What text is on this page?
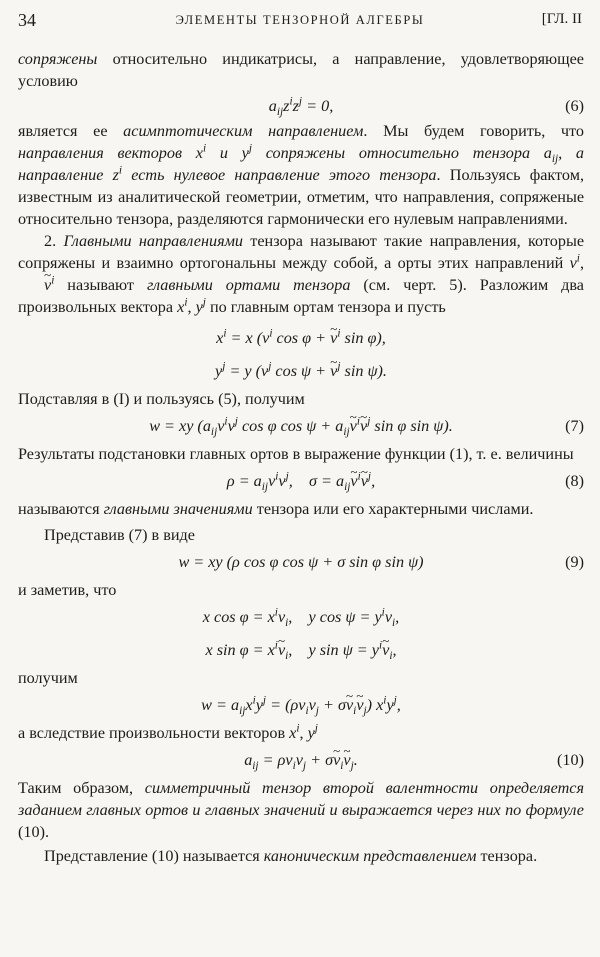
34	ЭЛЕМЕНТЫ ТЕНЗОРНОЙ АЛГЕБРЫ	[ГЛ. II

сопряжены относительно индикатрисы, а направление, удовлетворяющее условию

$a_{ij}z^iz^j = 0$,	(6)

является ее асимптотическим направлением. Мы будем говорить, что направления векторов $x^i$ и $y^j$ сопряжены относительно тензора $a_{ij}$, а направление $z^i$ есть нулевое направление этого тензора. Пользуясь фактом, известным из аналитической геометрии, отметим, что направления, сопряженые относительно тензора, разделяются гармонически его нулевым направлениями.

2. Главными направлениями тензора называют такие направления, которые сопряжены и взаимно ортогональны между собой, а орты этих направлений $v^i$, ~ $v^i$ называют главными ортами тензора (см. черт. 5). Разложим два произвольных вектора $x^i$, $y^j$ по главным ортам тензора и пусть

$x^i = x$ ($v^i$ cos φ + ~ $v^i$ sin φ),
$y^j = y$ ($v^j$ cos ψ + ~ $v^j$ sin ψ).

Подставляя в (I) и пользуясь (5), получим

w = xy ($a_{ij}v^iv^j$ cos φ $\cos \psi + a_{ij}\sim$ $v^i\sim$ $v^j$ sin φ sin ψ).	(7)

Результаты подстановки главных ортов в выражение функции (1), т. е. величины

$\rho = a_{ij}v^iv^j$,    $\sigma = a_{ij}\sim$ $v^i\sim$ $v^j$,	(8)

называются главными значениями тензора или его характерными числами.

Представив (7) в виде

w = xy (ρ cos φ cos ψ + σ sin φ sin ψ)	(9)

и заметив, что

x $\cos \varphi = x^iv_i$,    y $\cos \psi = y^iv_i$,
x $\sin \varphi = x^i\sim$ $v_i$,    y $\sin \psi = y^i\sim$ $v_i$,

получим

$w = a_{ij}x^iy^j = (\rho v_iv_j$ + σ~ $v_i\sim$ $v_j$) $x^iy^j$,

а вследствие произвольности векторов $x^i$, $y^j$

$a_{ij} = \rho v_iv_j$ + σ~ $v_i\sim$ $v_j$.	(10)

Таким образом, симметричный тензор второй валентности определяется заданием главных ортов и главных значений и выражается через них по формуле (10).

Представление (10) называется каноническим представлением тензора.
